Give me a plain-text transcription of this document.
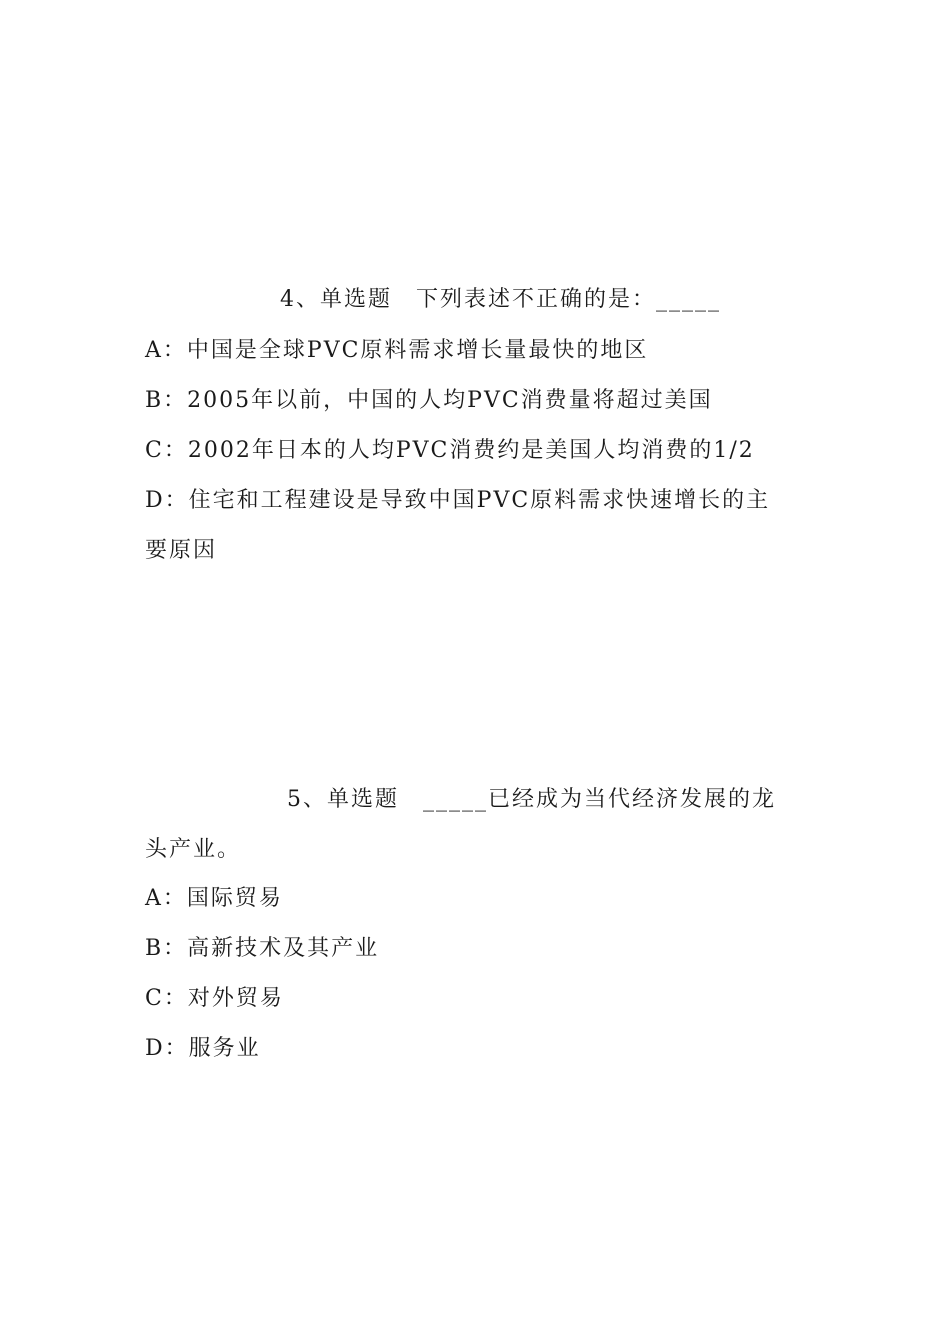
4、单选题 下列表述不正确的是：_____
A：中国是全球PVC原料需求增长量最快的地区
B：2005年以前，中国的人均PVC消费量将超过美国
C：2002年日本的人均PVC消费约是美国人均消费的1/2
D：住宅和工程建设是导致中国PVC原料需求快速增长的主
要原因
5、单选题 _____已经成为当代经济发展的龙
头产业。
A：国际贸易
B：高新技术及其产业
C：对外贸易
D：服务业
